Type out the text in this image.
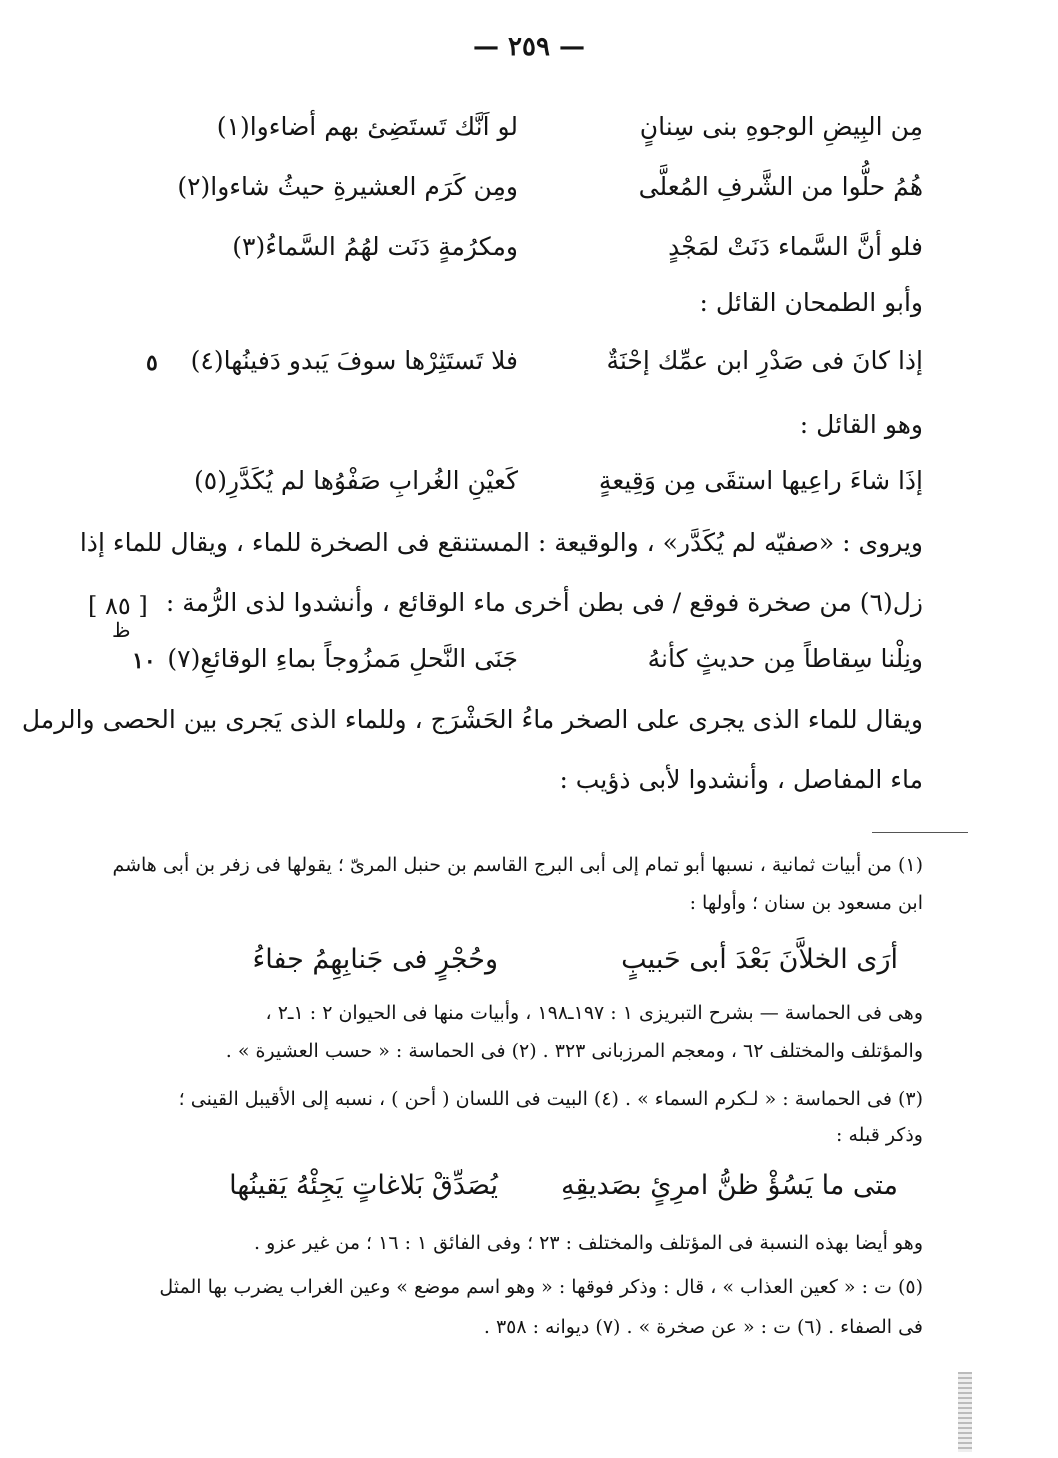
— ٢٥٩ —
مِن البِيضِ الوجوهِ بنى سِنانٍ
لو اَنَّك تَستَضِئ بهم أضاءوا(١)
هُمُ حلُّوا من الشَّرفِ المُعلَّى
ومِن كَرَم العشيرةِ حيثُ شاءوا(٢)
فلو أنَّ السَّماء دَنَتْ لمَجْدٍ
ومكرُمةٍ دَنَت لهُمُ السَّماءُ(٣)
وأبو الطمحان القائل :
إذا كانَ فى صَدْرِ ابن عمِّك إحْنَةٌ
فلا تَستَثِرْها سوفَ يَبدو دَفينُها(٤)
٥
وهو القائل :
إذَا شاءَ راعِيها استقَى مِن وَقِيعةٍ
كَعيْنِ الغُرابِ صَفْوُها لم يُكَدَّرِ(٥)
ويروى : «صفيّه لم يُكَدَّر» ، والوقيعة : المستنقع فى الصخرة للماء ، ويقال للماء إذا
زل(٦) من صخرة فوقع / فى بطن أخرى ماء الوقائع ، وأنشدوا لذى الرُّمة :
[ ٨٥ ]
ظ
ونِلْنا سِقاطاً مِن حديثٍ كأنهُ
جَنَى النَّحلِ مَمزُوجاً بماءِ الوقائعِ(٧)
١٠
ويقال للماء الذى يجرى على الصخر ماءُ الحَشْرَج ، وللماء الذى يَجرى بين الحصى والرمل
ماء المفاصل ، وأنشدوا لأبى ذؤيب :
(١) من أبيات ثمانية ، نسبها أبو تمام إلى أبى البرج القاسم بن حنبل المرىّ ؛ يقولها فى زفر بن أبى هاشم
ابن مسعود بن سنان ؛ وأولها :
أرَى الخلاَّنَ بَعْدَ أبى حَبيبٍ
وحُجْرٍ فى جَنابِهِمُ جفاءُ
وهى فى الحماسة — بشرح التبريزى ١ : ١٩٧ـ١٩٨ ، وأبيات منها فى الحيوان ٢ : ١ـ٢ ،
والمؤتلف والمختلف ٦٢ ، ومعجم المرزبانى ٣٢٣ . (٢) فى الحماسة : « حسب العشيرة » .
(٣) فى الحماسة : « لـكرم السماء » . (٤) البيت فى اللسان ( أحن ) ، نسبه إلى الأقيبل القينى ؛
وذكر قبله :
متى ما يَسُؤْ ظنُّ امرِئٍ بصَديقِهِ
يُصَدِّقْ بَلاغاتٍ يَجِئْهُ يَقينُها
وهو أيضا بهذه النسبة فى المؤتلف والمختلف : ٢٣ ؛ وفى الفائق ١ : ١٦ ؛ من غير عزو .
(٥) ت : « كعين العذاب » ، قال : وذكر فوقها : « وهو اسم موضع » وعين الغراب يضرب بها المثل
فى الصفاء . (٦) ت : « عن صخرة » . (٧) ديوانه : ٣٥٨ .
